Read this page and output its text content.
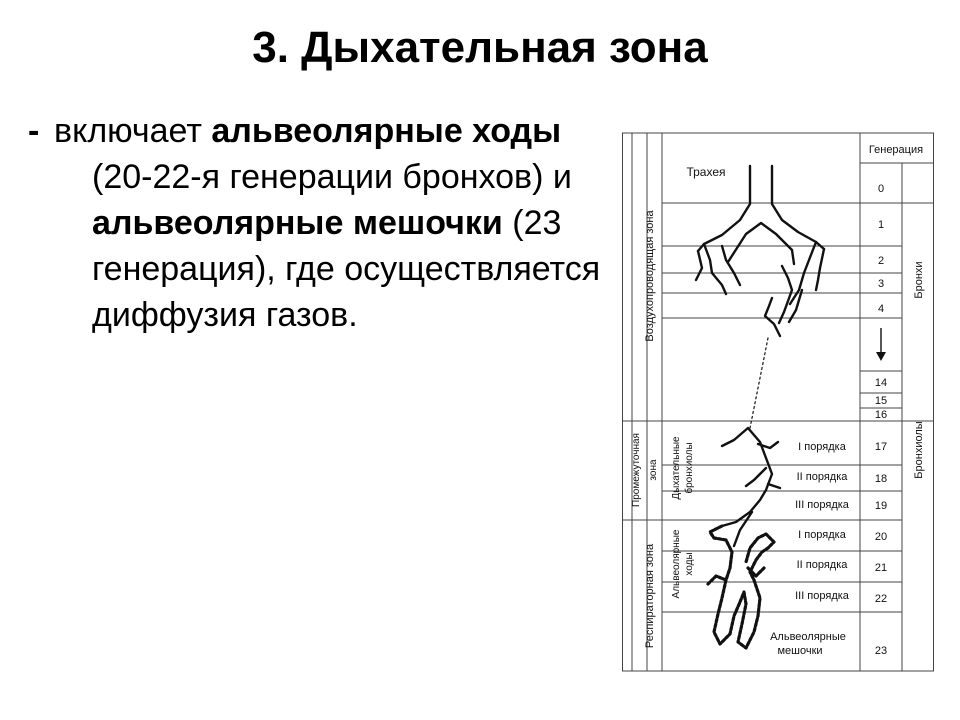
3. Дыхательная зона
- включает альвеолярные ходы (20-22-я генерации бронхов) и альвеолярные мешочки (23 генерация), где осуществляется диффузия газов.
Генерация
Трахея
Воздухопроводящая зона
Промежуточная зона
Респираторная зона
Дыхательные бронхиолы
Альвеолярные ходы
Бронхи
Бронхиолы
0
1
2
3
4
14
15
16
17
18
19
20
21
22
23
I порядка
II порядка
III порядка
I порядка
II порядка
III порядка
Альвеолярные
мешочки
